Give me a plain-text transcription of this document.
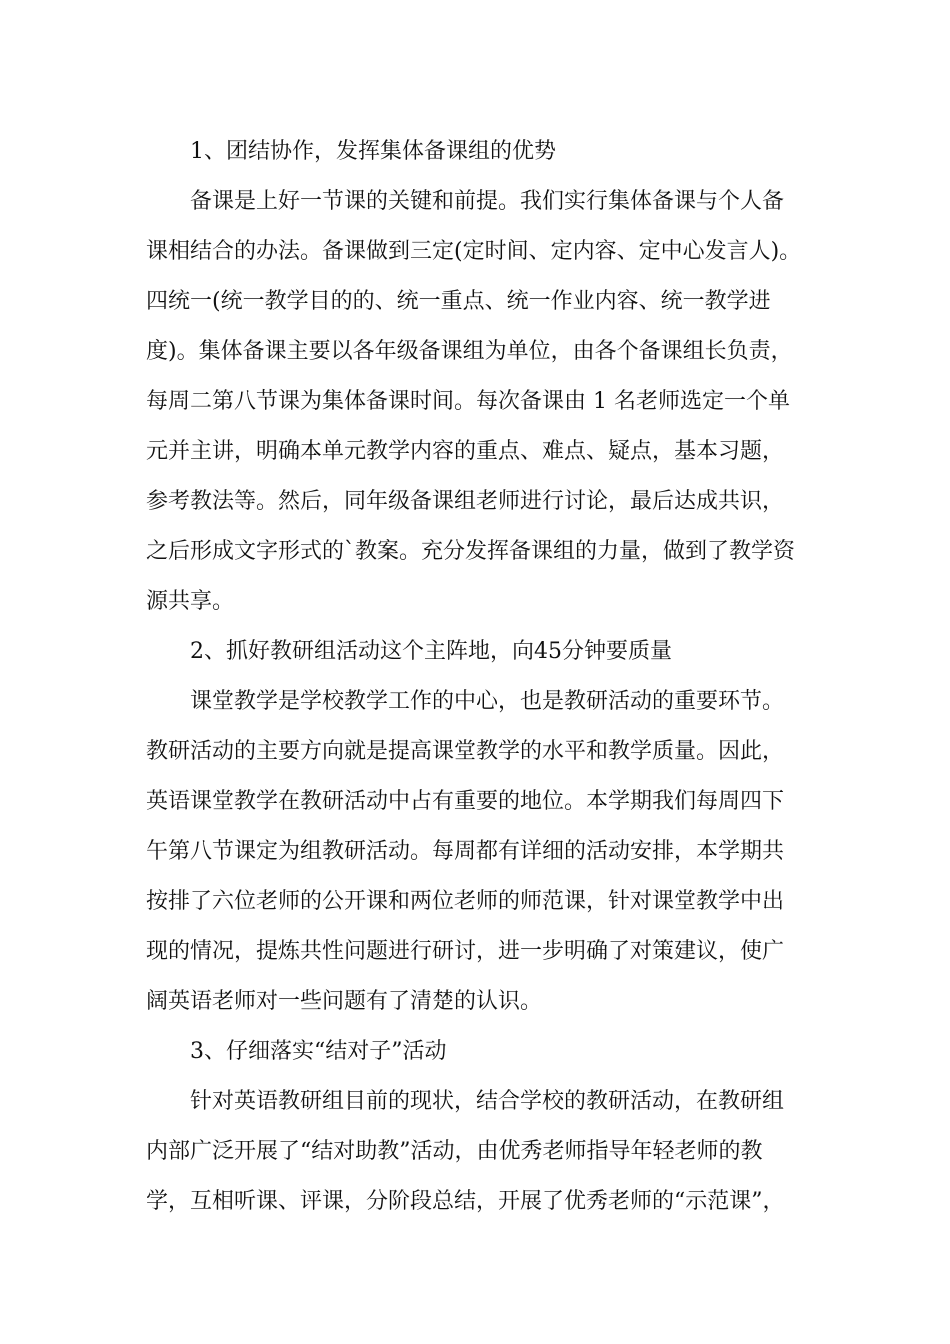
1、团结协作，发挥集体备课组的优势

备课是上好一节课的关键和前提。我们实行集体备课与个人备

课相结合的办法。备课做到三定(定时间、定内容、定中心发言人)。

四统一(统一教学目的的、统一重点、统一作业内容、统一教学进

度)。集体备课主要以各年级备课组为单位，由各个备课组长负责，

每周二第八节课为集体备课时间。每次备课由 1 名老师选定一个单

元并主讲，明确本单元教学内容的重点、难点、疑点，基本习题，

参考教法等。然后，同年级备课组老师进行讨论，最后达成共识，

之后形成文字形式的`教案。充分发挥备课组的力量，做到了教学资

源共享。

2、抓好教研组活动这个主阵地，向45分钟要质量

课堂教学是学校教学工作的中心，也是教研活动的重要环节。

教研活动的主要方向就是提高课堂教学的水平和教学质量。因此，

英语课堂教学在教研活动中占有重要的地位。本学期我们每周四下

午第八节课定为组教研活动。每周都有详细的活动安排，本学期共

按排了六位老师的公开课和两位老师的师范课，针对课堂教学中出

现的情况，提炼共性问题进行研讨，进一步明确了对策建议，使广

阔英语老师对一些问题有了清楚的认识。

3、仔细落实“结对子”活动

针对英语教研组目前的现状，结合学校的教研活动，在教研组

内部广泛开展了“结对助教”活动，由优秀老师指导年轻老师的教

学，互相听课、评课，分阶段总结，开展了优秀老师的“示范课”，
